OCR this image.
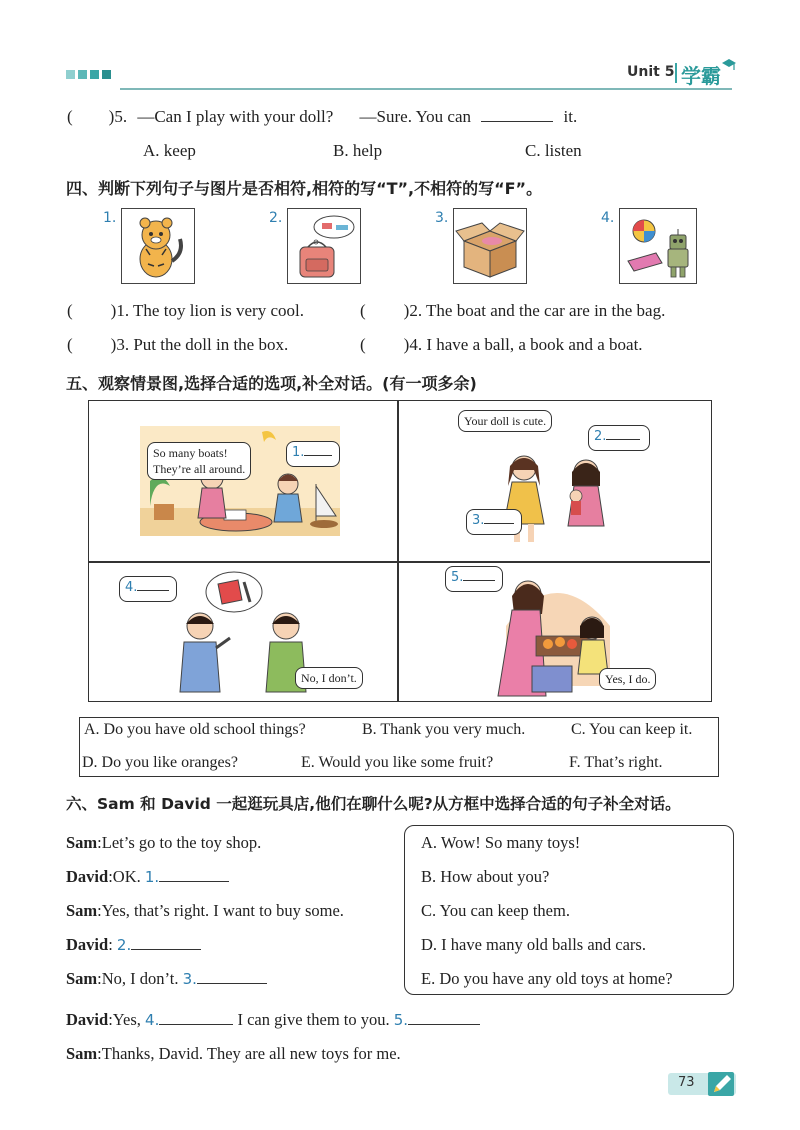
Unit 5 学霸
( )5. —Can I play with your doll? —Sure. You can	it.
A. keep	B. help	C. listen
四、判断下列句子与图片是否相符,相符的写“T”,不相符的写“F”。
1.	2.	3.	4.
( )1. The toy lion is very cool.	( )2. The boat and the car are in the bag.
( )3. Put the doll in the box.	( )4. I have a ball, a book and a boat.
五、观察情景图,选择合适的选项,补全对话。(有一项多余)
So many boats!
They’re all around.
1.
Your doll is cute.
2.
3.
4.
No, I don’t.
5.
Yes, I do.
A. Do you have old school things?	B. Thank you very much.	C. You can keep it.
D. Do you like oranges?	E. Would you like some fruit?	F. That’s right.
六、Sam 和 David 一起逛玩具店,他们在聊什么呢?从方框中选择合适的句子补全对话。
Sam:Let’s go to the toy shop.
David:OK. 1.
Sam:Yes, that’s right. I want to buy some.
David: 2.
Sam:No, I don’t. 3.
David:Yes, 4.	I can give them to you. 5.
Sam:Thanks, David. They are all new toys for me.
A. Wow! So many toys!
B. How about you?
C. You can keep them.
D. I have many old balls and cars.
E. Do you have any old toys at home?
73
